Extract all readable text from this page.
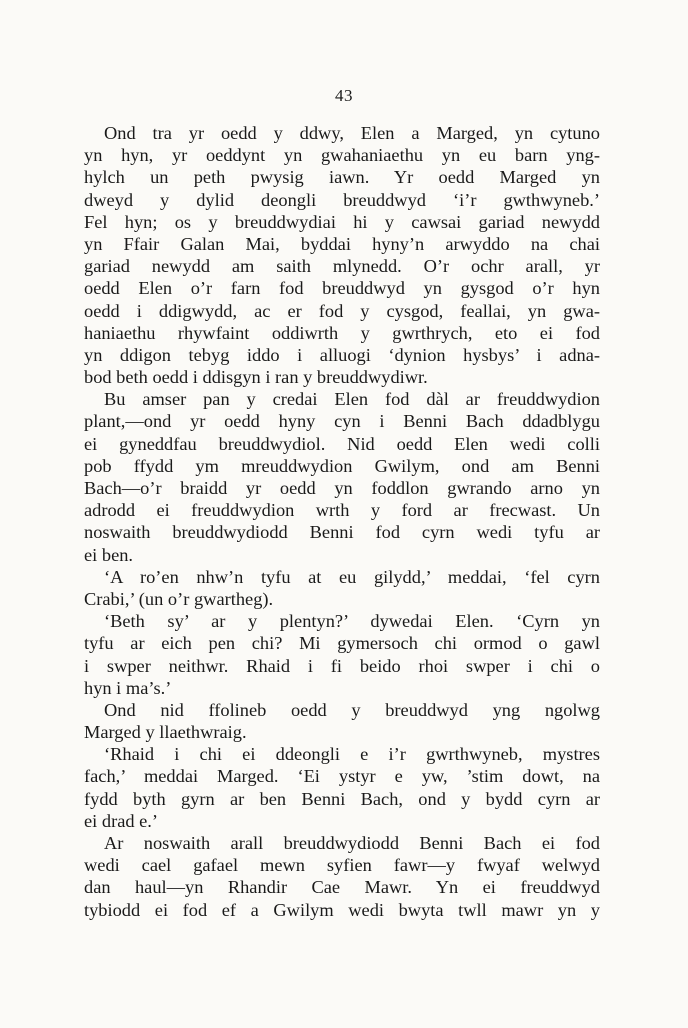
43
Ond tra yr oedd y ddwy, Elen a Marged, yn cytuno
yn hyn, yr oeddynt yn gwahaniaethu yn eu barn yng-
hylch un peth pwysig iawn. Yr oedd Marged yn
dweyd y dylid deongli breuddwyd ‘i’r gwthwyneb.’
Fel hyn; os y breuddwydiai hi y cawsai gariad newydd
yn Ffair Galan Mai, byddai hyny’n arwyddo na chai
gariad newydd am saith mlynedd. O’r ochr arall, yr
oedd Elen o’r farn fod breuddwyd yn gysgod o’r hyn
oedd i ddigwydd, ac er fod y cysgod, feallai, yn gwa-
haniaethu rhywfaint oddiwrth y gwrthrych, eto ei fod
yn ddigon tebyg iddo i alluogi ‘dynion hysbys’ i adna-
bod beth oedd i ddisgyn i ran y breuddwydiwr.
Bu amser pan y credai Elen fod dàl ar freuddwydion
plant,—ond yr oedd hyny cyn i Benni Bach ddadblygu
ei gyneddfau breuddwydiol. Nid oedd Elen wedi colli
pob ffydd ym mreuddwydion Gwilym, ond am Benni
Bach—o’r braidd yr oedd yn foddlon gwrando arno yn
adrodd ei freuddwydion wrth y ford ar frecwast. Un
noswaith breuddwydiodd Benni fod cyrn wedi tyfu ar
ei ben.
‘A ro’en nhw’n tyfu at eu gilydd,’ meddai, ‘fel cyrn
Crabi,’ (un o’r gwartheg).
‘Beth sy’ ar y plentyn?’ dywedai Elen. ‘Cyrn yn
tyfu ar eich pen chi? Mi gymersoch chi ormod o gawl
i swper neithwr. Rhaid i fi beido rhoi swper i chi o
hyn i ma’s.’
Ond nid ffolineb oedd y breuddwyd yng ngolwg
Marged y llaethwraig.
‘Rhaid i chi ei ddeongli e i’r gwrthwyneb, mystres
fach,’ meddai Marged. ‘Ei ystyr e yw, ’stim dowt, na
fydd byth gyrn ar ben Benni Bach, ond y bydd cyrn ar
ei drad e.’
Ar noswaith arall breuddwydiodd Benni Bach ei fod
wedi cael gafael mewn syfien fawr—y fwyaf welwyd
dan haul—yn Rhandir Cae Mawr. Yn ei freuddwyd
tybiodd ei fod ef a Gwilym wedi bwyta twll mawr yn y
